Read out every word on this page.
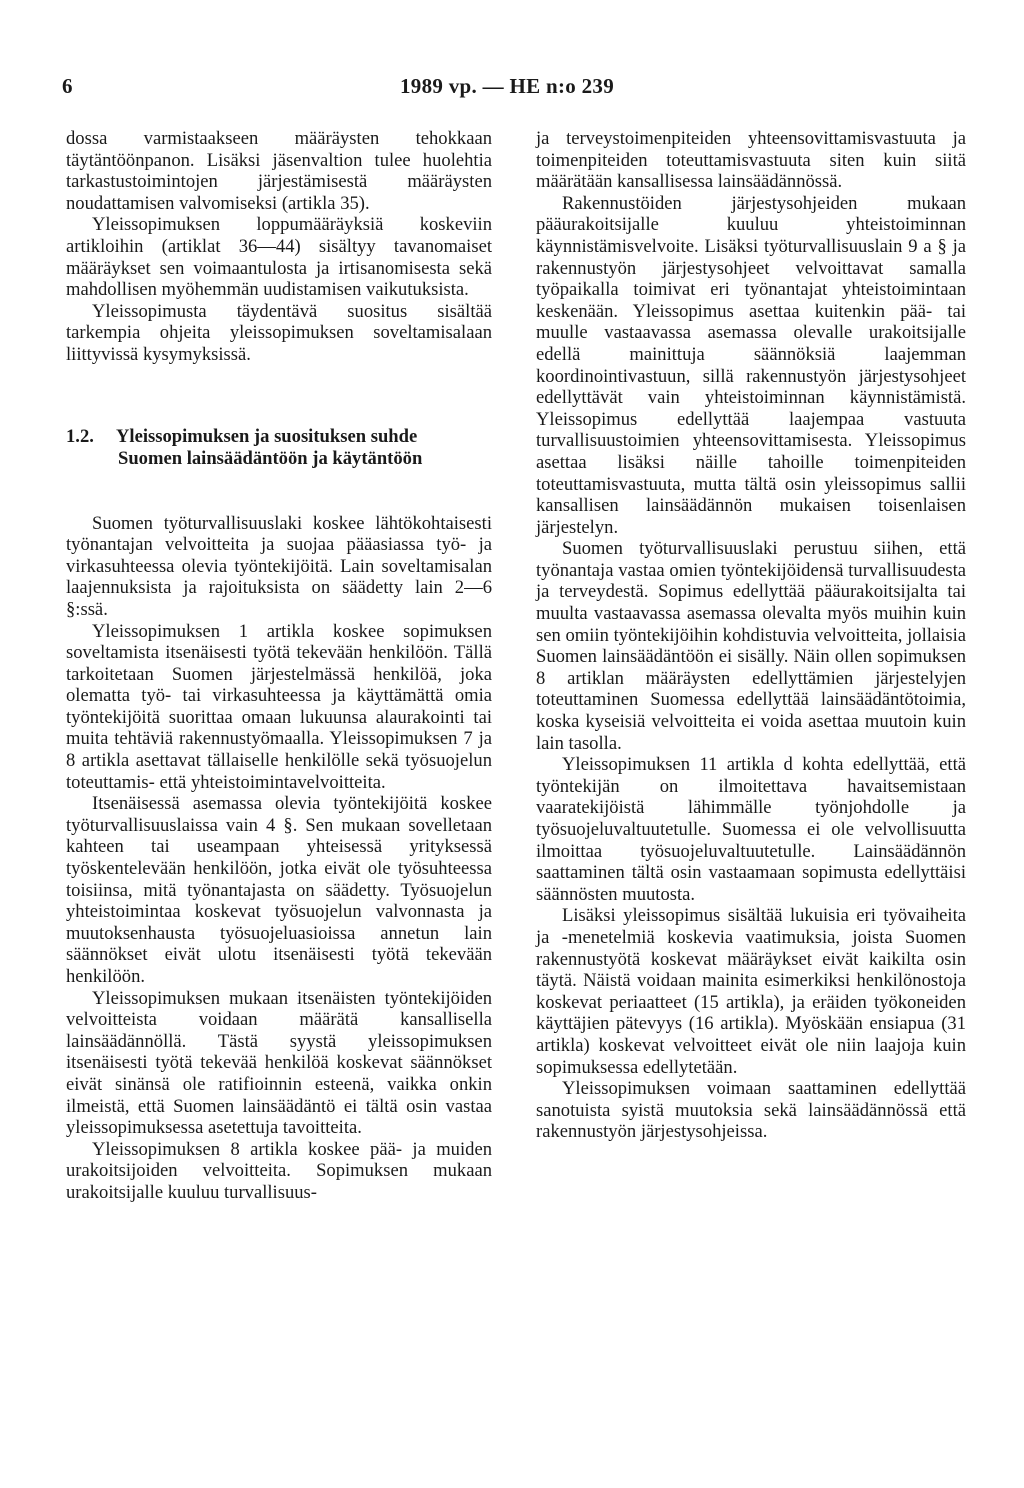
6	1989 vp. — HE n:o 239

dossa varmistaakseen määräysten tehokkaan täytäntöönpanon. Lisäksi jäsenvaltion tulee huolehtia tarkastustoimintojen järjestämisestä määräysten noudattamisen valvomiseksi (artikla 35).

Yleissopimuksen loppumääräyksiä koskeviin artikloihin (artiklat 36—44) sisältyy tavanomaiset määräykset sen voimaantulosta ja irtisanomisesta sekä mahdollisen myöhemmän uudistamisen vaikutuksista.

Yleissopimusta täydentävä suositus sisältää tarkempia ohjeita yleissopimuksen soveltamisalaan liittyvissä kysymyksissä.

1.2. Yleissopimuksen ja suosituksen suhde
Suomen lainsäädäntöön ja käytäntöön

Suomen työturvallisuuslaki koskee lähtökohtaisesti työnantajan velvoitteita ja suojaa pääasiassa työ- ja virkasuhteessa olevia työntekijöitä. Lain soveltamisalan laajennuksista ja rajoituksista on säädetty lain 2—6 §:ssä.

Yleissopimuksen 1 artikla koskee sopimuksen soveltamista itsenäisesti työtä tekevään henkilöön. Tällä tarkoitetaan Suomen järjestelmässä henkilöä, joka olematta työ- tai virkasuhteessa ja käyttämättä omia työntekijöitä suorittaa omaan lukuunsa alaurakointi tai muita tehtäviä rakennustyömaalla. Yleissopimuksen 7 ja 8 artikla asettavat tällaiselle henkilölle sekä työsuojelun toteuttamis- että yhteistoimintavelvoitteita.

Itsenäisessä asemassa olevia työntekijöitä koskee työturvallisuuslaissa vain 4 §. Sen mukaan sovelletaan kahteen tai useampaan yhteisessä yrityksessä työskentelevään henkilöön, jotka eivät ole työsuhteessa toisiinsa, mitä työnantajasta on säädetty. Työsuojelun yhteistoimintaa koskevat työsuojelun valvonnasta ja muutoksenhausta työsuojeluasioissa annetun lain säännökset eivät ulotu itsenäisesti työtä tekevään henkilöön.

Yleissopimuksen mukaan itsenäisten työntekijöiden velvoitteista voidaan määrätä kansallisella lainsäädännöllä. Tästä syystä yleissopimuksen itsenäisesti työtä tekevää henkilöä koskevat säännökset eivät sinänsä ole ratifioinnin esteenä, vaikka onkin ilmeistä, että Suomen lainsäädäntö ei tältä osin vastaa yleissopimuksessa asetettuja tavoitteita.

Yleissopimuksen 8 artikla koskee pää- ja muiden urakoitsijoiden velvoitteita. Sopimuksen mukaan urakoitsijalle kuuluu turvallisuus-

ja terveystoimenpiteiden yhteensovittamisvastuuta ja toimenpiteiden toteuttamisvastuuta siten kuin siitä määrätään kansallisessa lainsäädännössä.

Rakennustöiden järjestysohjeiden mukaan pääurakoitsijalle kuuluu yhteistoiminnan käynnistämisvelvoite. Lisäksi työturvallisuuslain 9 a § ja rakennustyön järjestysohjeet velvoittavat samalla työpaikalla toimivat eri työnantajat yhteistoimintaan keskenään. Yleissopimus asettaa kuitenkin pää- tai muulle vastaavassa asemassa olevalle urakoitsijalle edellä mainittuja säännöksiä laajemman koordinointivastuun, sillä rakennustyön järjestysohjeet edellyttävät vain yhteistoiminnan käynnistämistä. Yleissopimus edellyttää laajempaa vastuuta turvallisuustoimien yhteensovittamisesta. Yleissopimus asettaa lisäksi näille tahoille toimenpiteiden toteuttamisvastuuta, mutta tältä osin yleissopimus sallii kansallisen lainsäädännön mukaisen toisenlaisen järjestelyn.

Suomen työturvallisuuslaki perustuu siihen, että työnantaja vastaa omien työntekijöidensä turvallisuudesta ja terveydestä. Sopimus edellyttää pääurakoitsijalta tai muulta vastaavassa asemassa olevalta myös muihin kuin sen omiin työntekijöihin kohdistuvia velvoitteita, jollaisia Suomen lainsäädäntöön ei sisälly. Näin ollen sopimuksen 8 artiklan määräysten edellyttämien järjestelyjen toteuttaminen Suomessa edellyttää lainsäädäntötoimia, koska kyseisiä velvoitteita ei voida asettaa muutoin kuin lain tasolla.

Yleissopimuksen 11 artikla d kohta edellyttää, että työntekijän on ilmoitettava havaitsemistaan vaaratekijöistä lähimmälle työnjohdolle ja työsuojeluvaltuutetulle. Suomessa ei ole velvollisuutta ilmoittaa työsuojeluvaltuutetulle. Lainsäädännön saattaminen tältä osin vastaamaan sopimusta edellyttäisi säännösten muutosta.

Lisäksi yleissopimus sisältää lukuisia eri työvaiheita ja -menetelmiä koskevia vaatimuksia, joista Suomen rakennustyötä koskevat määräykset eivät kaikilta osin täytä. Näistä voidaan mainita esimerkiksi henkilönostoja koskevat periaatteet (15 artikla), ja eräiden työkoneiden käyttäjien pätevyys (16 artikla). Myöskään ensiapua (31 artikla) koskevat velvoitteet eivät ole niin laajoja kuin sopimuksessa edellytetään.

Yleissopimuksen voimaan saattaminen edellyttää sanotuista syistä muutoksia sekä lainsäädännössä että rakennustyön järjestysohjeissa.
